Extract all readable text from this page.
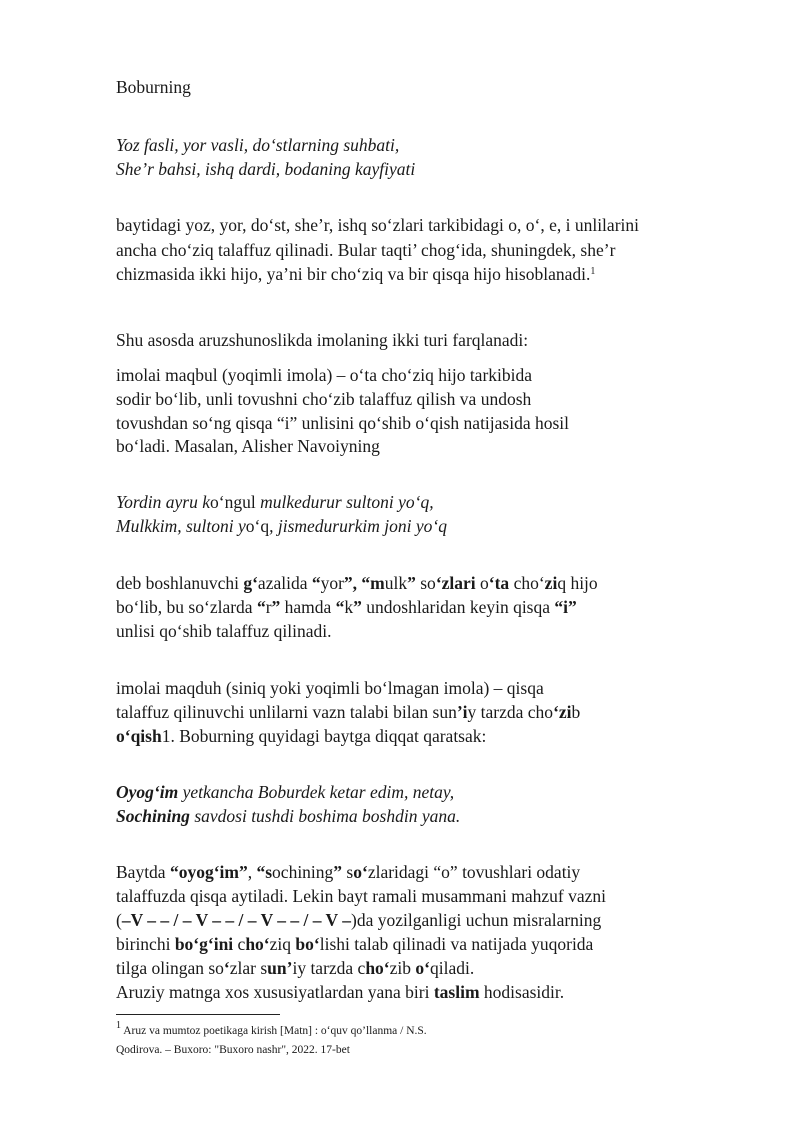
Boburning
Yoz fasli, yor vasli, do‘stlarning suhbati,
She’r bahsi, ishq dardi, bodaning kayfiyati
baytidagi yoz, yor, do‘st, she’r, ishq so‘zlari tarkibidagi o, o‘, e, i unlilarini
ancha cho‘ziq talaffuz qilinadi. Bular taqti’ chog‘ida, shuningdek, she’r
chizmasida ikki hijo, ya’ni bir cho‘ziq va bir qisqa hijo hisoblanadi.$^1$
Shu asosda aruzshunoslikda imolaning ikki turi farqlanadi:
imolai maqbul (yoqimli imola) – o‘ta cho‘ziq hijo tarkibida
sodir bo‘lib, unli tovushni cho‘zib talaffuz qilish va undosh
tovushdan so‘ng qisqa “i” unlisini qo‘shib o‘qish natijasida hosil
bo‘ladi. Masalan, Alisher Navoiyning
Yordin ayru ko‘ngul mulkedurur sultoni yo‘q,
Mulkkim, sultoni yo‘q, jismedururkim joni yo‘q
deb boshlanuvchi g‘azalida “yor”, “mulk” so‘zlari o‘ta cho‘ziq hijo
bo‘lib, bu so‘zlarda “r” hamda “k” undoshlaridan keyin qisqa “i”
unlisi qo‘shib talaffuz qilinadi.
imolai maqduh (siniq yoki yoqimli bo‘lmagan imola) – qisqa
talaffuz qilinuvchi unlilarni vazn talabi bilan sun’iy tarzda cho‘zib
o‘qish1. Boburning quyidagi baytga diqqat qaratsak:
Oyog‘im yetkancha Boburdek ketar edim, netay,
Sochining savdosi tushdi boshima boshdin yana.
Baytda “oyog‘im”, “sochining” so‘zlaridagi “o” tovushlari odatiy
talaffuzda qisqa aytiladi. Lekin bayt ramali musammani mahzuf vazni
(–V – – / – V – – / – V – – / – V –)da yozilganligi uchun misralarning
birinchi bo‘g‘ini cho‘ziq bo‘lishi talab qilinadi va natijada yuqorida
tilga olingan so‘zlar sun’iy tarzda cho‘zib o‘qiladi.
Aruziy matnga xos xususiyatlardan yana biri taslim hodisasidir.
$^1$ Aruz va mumtoz poetikaga kirish [Matn] : o‘quv qo’llanma / N.S.
Qodirova. – Buxoro: "Buxoro nashr", 2022. 17-bet
